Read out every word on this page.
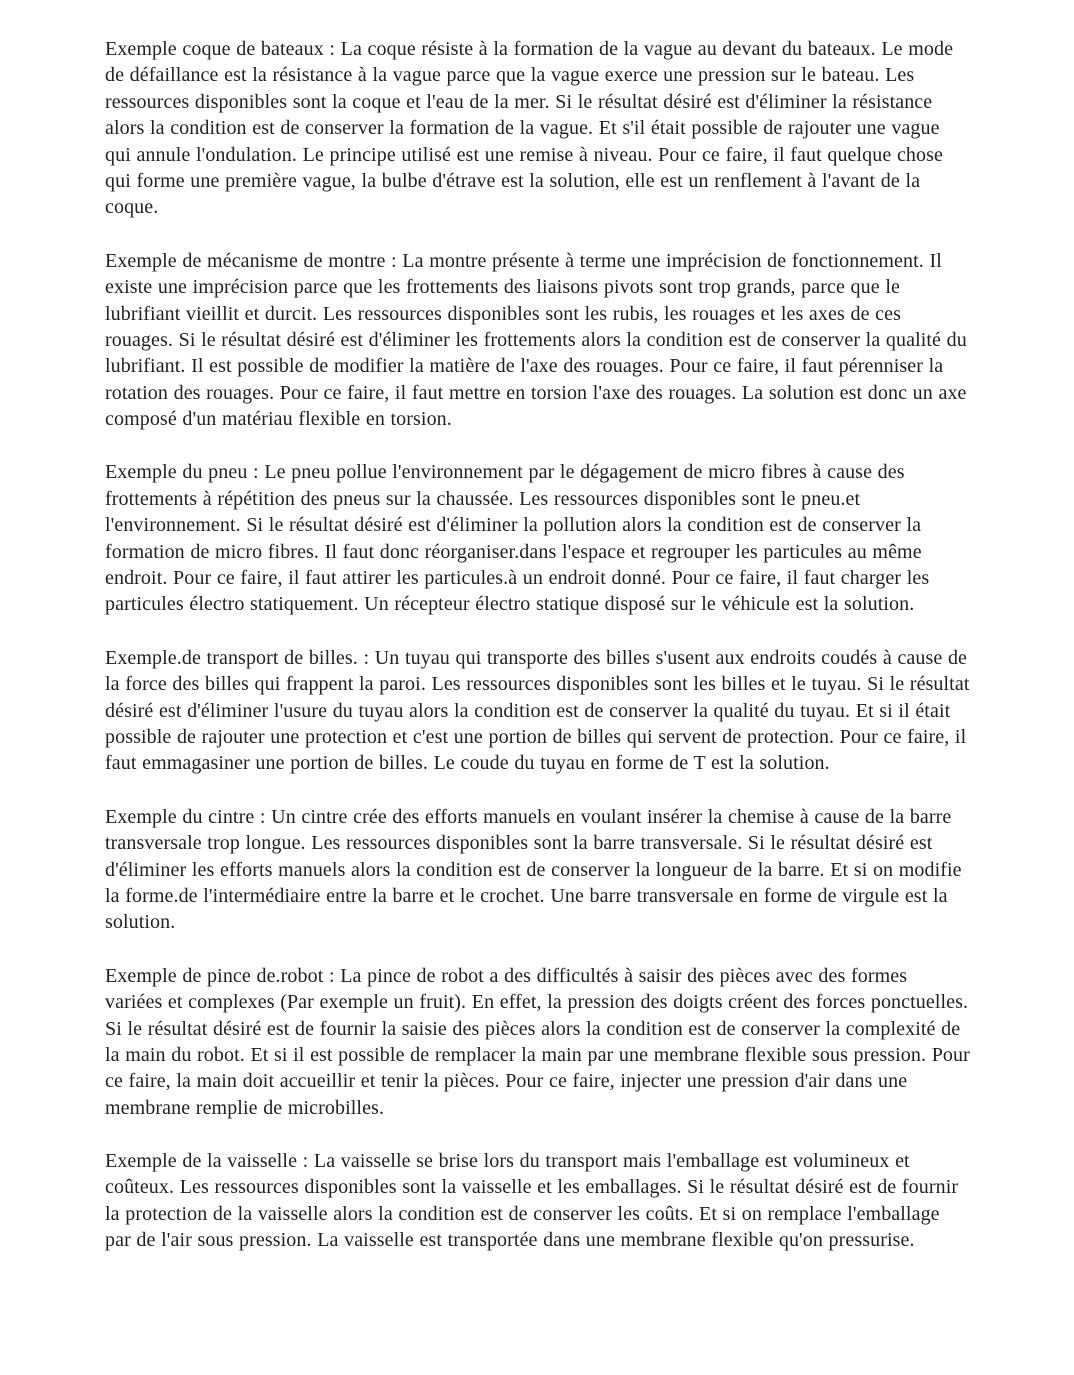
Exemple coque de bateaux : La coque résiste à la formation de la vague au devant du bateaux. Le mode de défaillance est la résistance à la vague parce que la vague exerce une pression sur le bateau. Les ressources disponibles sont la coque et l'eau de la mer. Si le résultat désiré est d'éliminer la résistance alors la condition est de conserver la formation de la vague. Et s'il était possible de rajouter une vague qui annule l'ondulation. Le principe utilisé est une remise à niveau. Pour ce faire, il faut quelque chose qui forme une première vague, la bulbe d'étrave est la solution, elle est un renflement à l'avant de la coque.

Exemple de mécanisme de montre : La montre présente à terme une imprécision de fonctionnement. Il existe une imprécision parce que les frottements des liaisons pivots sont trop grands, parce que le lubrifiant vieillit et durcit. Les ressources disponibles sont les rubis, les rouages et les axes de ces rouages. Si le résultat désiré est d'éliminer les frottements alors la condition est de conserver la qualité du lubrifiant. Il est possible de modifier la matière de l'axe des rouages. Pour ce faire, il faut pérenniser la rotation des rouages. Pour ce faire, il faut mettre en torsion l'axe des rouages. La solution est donc un axe composé d'un matériau flexible en torsion.

Exemple du pneu : Le pneu pollue l'environnement par le dégagement de micro fibres à cause des frottements à répétition des pneus sur la chaussée. Les ressources disponibles sont le pneu.et l'environnement. Si le résultat désiré est d'éliminer la pollution alors la condition est de conserver la formation de micro fibres. Il faut donc réorganiser.dans l'espace et regrouper les particules au même endroit. Pour ce faire, il faut attirer les particules.à un endroit donné. Pour ce faire, il faut charger les particules électro statiquement. Un récepteur électro statique disposé sur le véhicule est la solution.

Exemple.de transport de billes. : Un tuyau qui transporte des billes s'usent aux endroits coudés à cause de la force des billes qui frappent la paroi. Les ressources disponibles sont les billes et le tuyau. Si le résultat désiré est d'éliminer l'usure du tuyau alors la condition est de conserver la qualité du tuyau. Et si il était possible de rajouter une protection et c'est une portion de billes qui servent de protection. Pour ce faire, il faut emmagasiner une portion de billes. Le coude du tuyau en forme de T est la solution.

Exemple du cintre : Un cintre crée des efforts manuels en voulant insérer la chemise à cause de la barre transversale trop longue. Les ressources disponibles sont la barre transversale. Si le résultat désiré est d'éliminer les efforts manuels alors la condition est de conserver la longueur de la barre. Et si on modifie la forme.de l'intermédiaire entre la barre et le crochet. Une barre transversale en forme de virgule est la solution.

Exemple de pince de.robot : La pince de robot a des difficultés à saisir des pièces avec des formes variées et complexes (Par exemple un fruit). En effet, la pression des doigts créent des forces ponctuelles. Si le résultat désiré est de fournir la saisie des pièces alors la condition est de conserver la complexité de la main du robot. Et si il est possible de remplacer la main par une membrane flexible sous pression. Pour ce faire, la main doit accueillir et tenir la pièces. Pour ce faire, injecter une pression d'air dans une membrane remplie de microbilles.

Exemple de la vaisselle : La vaisselle se brise lors du transport mais l'emballage est volumineux et coûteux. Les ressources disponibles sont la vaisselle et les emballages. Si le résultat désiré est de fournir la protection de la vaisselle alors la condition est de conserver les coûts. Et si on remplace l'emballage par de l'air sous pression. La vaisselle est transportée dans une membrane flexible qu'on pressurise.
